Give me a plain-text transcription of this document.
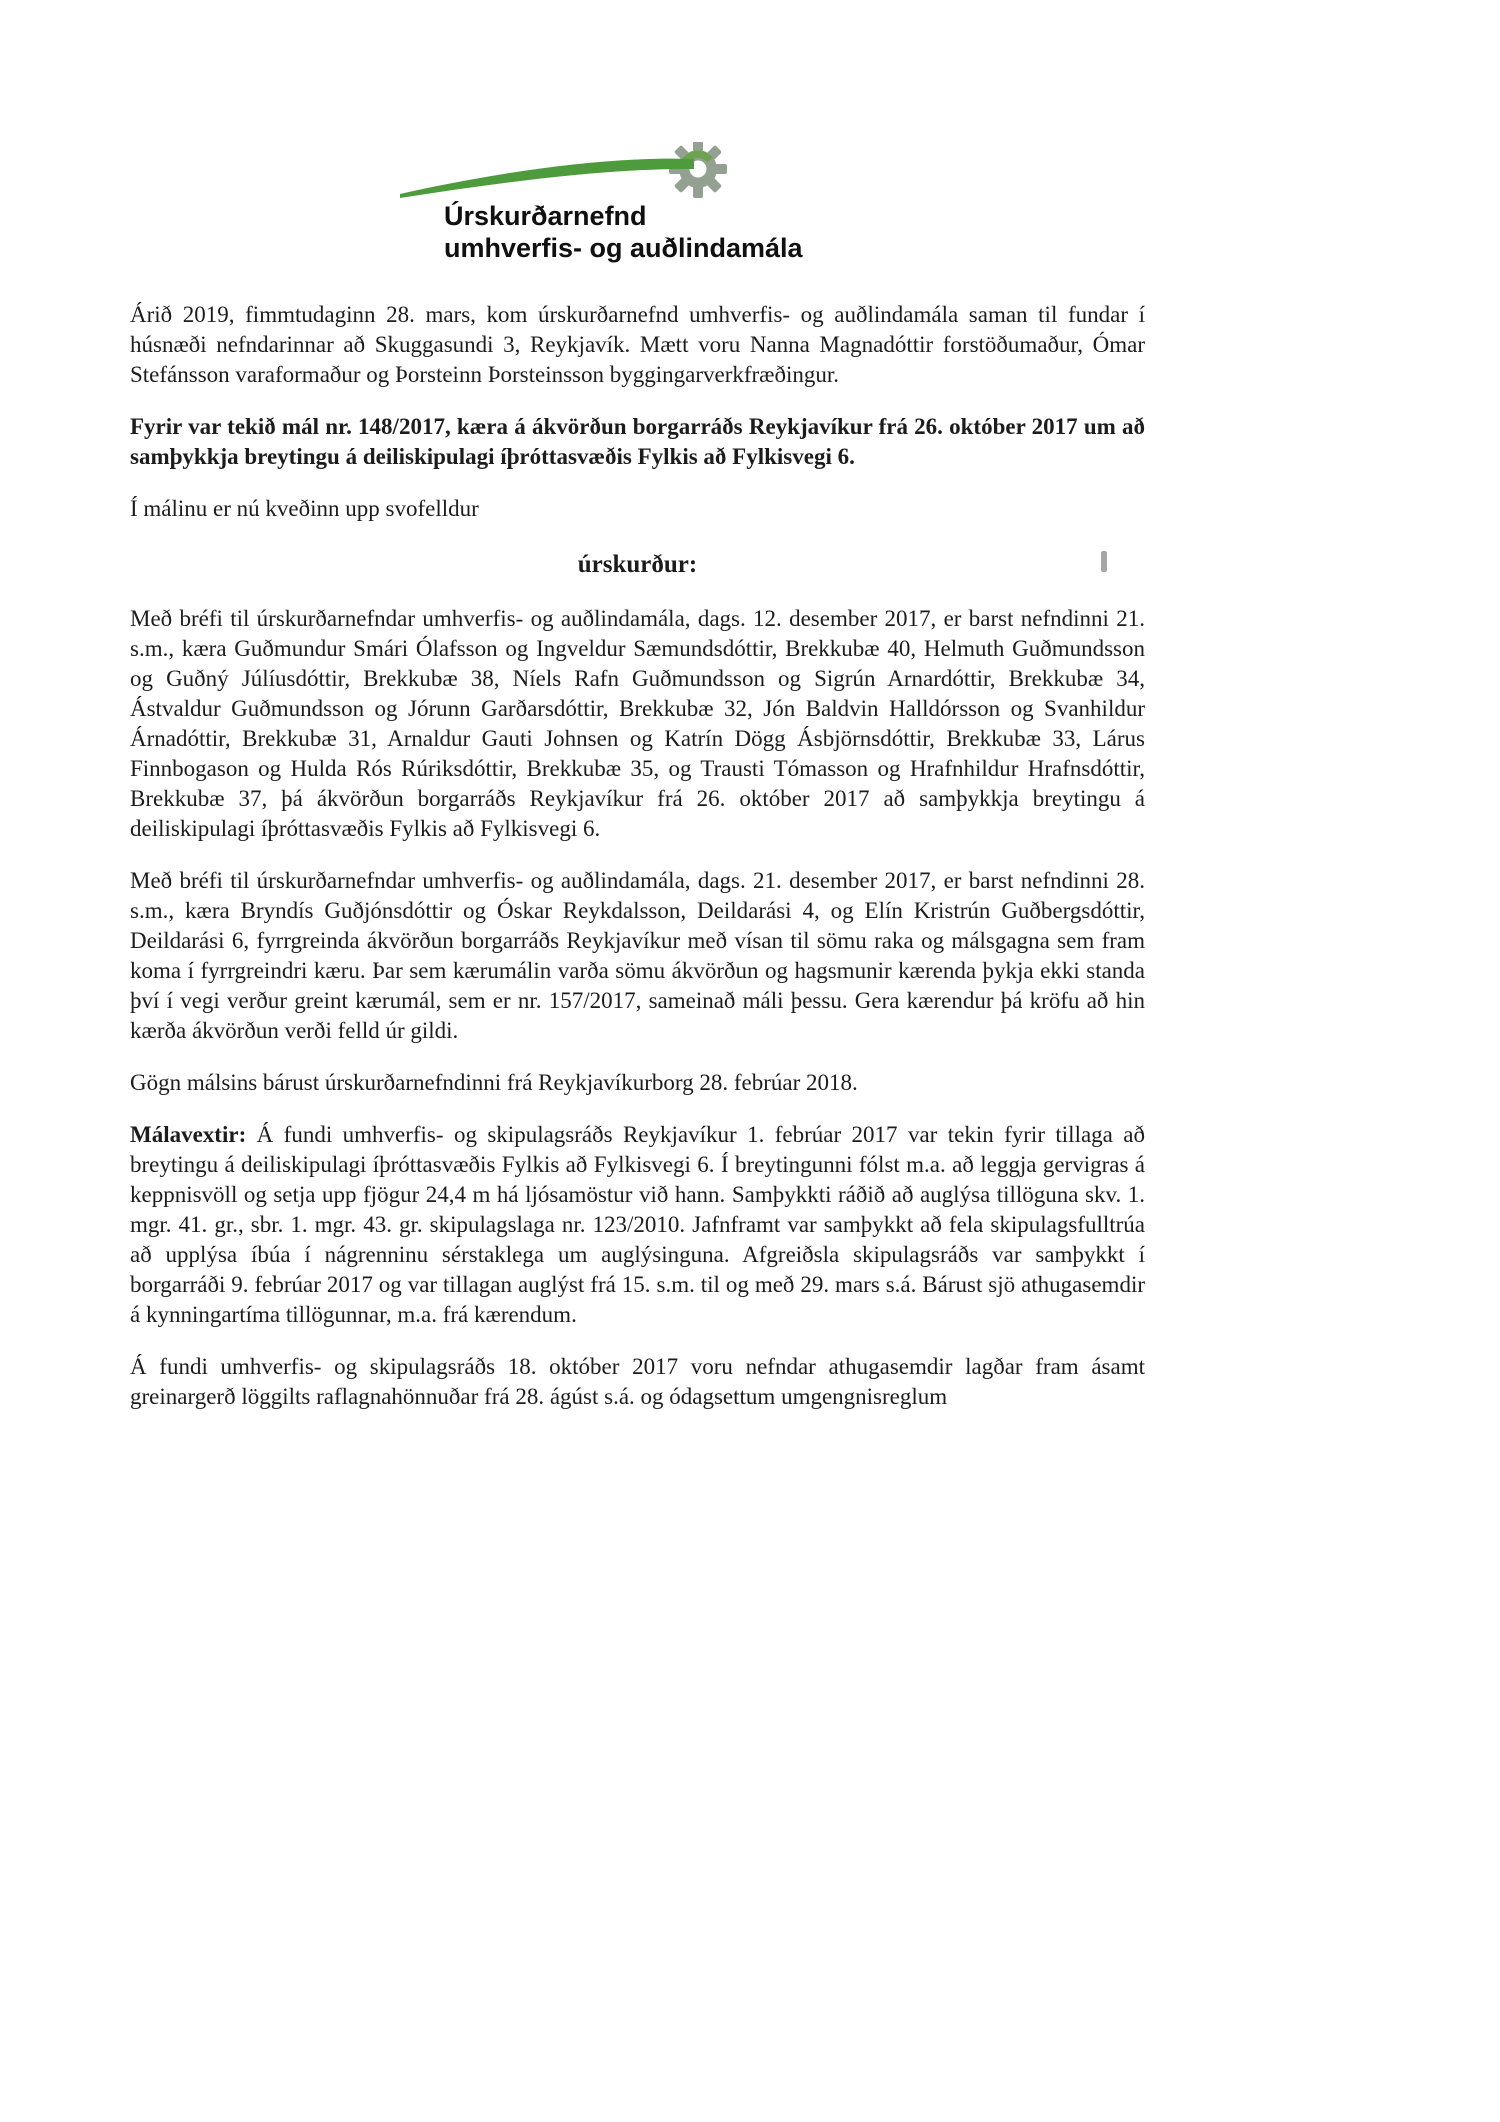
Úrskurðarnefnd
umhverfis- og auðlindamála

Árið 2019, fimmtudaginn 28. mars, kom úrskurðarnefnd umhverfis- og auðlindamála saman til fundar í húsnæði nefndarinnar að Skuggasundi 3, Reykjavík. Mætt voru Nanna Magnadóttir forstöðumaður, Ómar Stefánsson varaformaður og Þorsteinn Þorsteinsson byggingarverkfræðingur.

Fyrir var tekið mál nr. 148/2017, kæra á ákvörðun borgarráðs Reykjavíkur frá 26. október 2017 um að samþykkja breytingu á deiliskipulagi íþróttasvæðis Fylkis að Fylkisvegi 6.

Í málinu er nú kveðinn upp svofelldur

úrskurður:

Með bréfi til úrskurðarnefndar umhverfis- og auðlindamála, dags. 12. desember 2017, er barst nefndinni 21. s.m., kæra Guðmundur Smári Ólafsson og Ingveldur Sæmundsdóttir, Brekkubæ 40, Helmuth Guðmundsson og Guðný Júlíusdóttir, Brekkubæ 38, Níels Rafn Guðmundsson og Sigrún Arnardóttir, Brekkubæ 34, Ástvaldur Guðmundsson og Jórunn Garðarsdóttir, Brekkubæ 32, Jón Baldvin Halldórsson og Svanhildur Árnadóttir, Brekkubæ 31, Arnaldur Gauti Johnsen og Katrín Dögg Ásbjörnsdóttir, Brekkubæ 33, Lárus Finnbogason og Hulda Rós Rúriksdóttir, Brekkubæ 35, og Trausti Tómasson og Hrafnhildur Hrafnsdóttir, Brekkubæ 37, þá ákvörðun borgarráðs Reykjavíkur frá 26. október 2017 að samþykkja breytingu á deiliskipulagi íþróttasvæðis Fylkis að Fylkisvegi 6.

Með bréfi til úrskurðarnefndar umhverfis- og auðlindamála, dags. 21. desember 2017, er barst nefndinni 28. s.m., kæra Bryndís Guðjónsdóttir og Óskar Reykdalsson, Deildarási 4, og Elín Kristrún Guðbergsdóttir, Deildarási 6, fyrrgreinda ákvörðun borgarráðs Reykjavíkur með vísan til sömu raka og málsgagna sem fram koma í fyrrgreindri kæru. Þar sem kærumálin varða sömu ákvörðun og hagsmunir kærenda þykja ekki standa því í vegi verður greint kærumál, sem er nr. 157/2017, sameinað máli þessu. Gera kærendur þá kröfu að hin kærða ákvörðun verði felld úr gildi.

Gögn málsins bárust úrskurðarnefndinni frá Reykjavíkurborg 28. febrúar 2018.

Málavextir: Á fundi umhverfis- og skipulagsráðs Reykjavíkur 1. febrúar 2017 var tekin fyrir tillaga að breytingu á deiliskipulagi íþróttasvæðis Fylkis að Fylkisvegi 6. Í breytingunni fólst m.a. að leggja gervigras á keppnisvöll og setja upp fjögur 24,4 m há ljósamöstur við hann. Samþykkti ráðið að auglýsa tillöguna skv. 1. mgr. 41. gr., sbr. 1. mgr. 43. gr. skipulagslaga nr. 123/2010. Jafnframt var samþykkt að fela skipulagsfulltrúa að upplýsa íbúa í nágrenninu sérstaklega um auglýsinguna. Afgreiðsla skipulagsráðs var samþykkt í borgarráði 9. febrúar 2017 og var tillagan auglýst frá 15. s.m. til og með 29. mars s.á. Bárust sjö athugasemdir á kynningartíma tillögunnar, m.a. frá kærendum.

Á fundi umhverfis- og skipulagsráðs 18. október 2017 voru nefndar athugasemdir lagðar fram ásamt greinargerð löggilts raflagnahönnuðar frá 28. ágúst s.á. og ódagsettum umgengnisreglum
